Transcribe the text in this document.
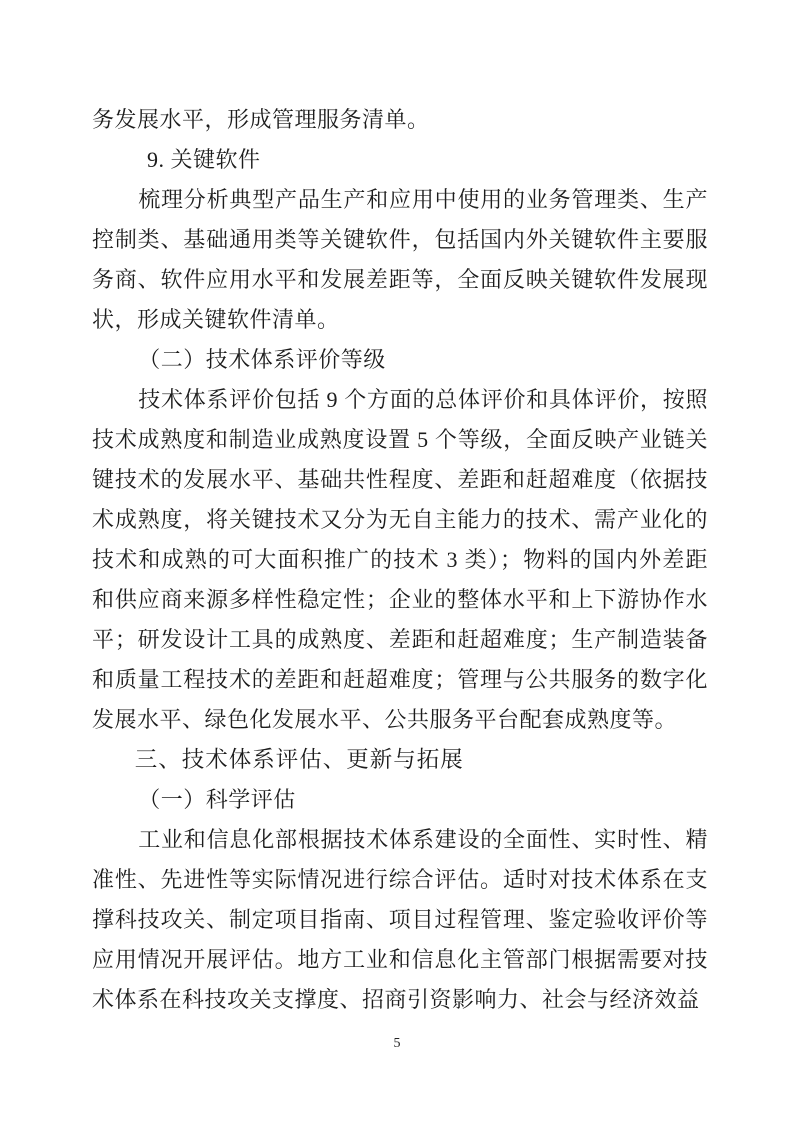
务发展水平，形成管理服务清单。

9. 关键软件

梳理分析典型产品生产和应用中使用的业务管理类、生产控制类、基础通用类等关键软件，包括国内外关键软件主要服务商、软件应用水平和发展差距等，全面反映关键软件发展现状，形成关键软件清单。

（二）技术体系评价等级

技术体系评价包括 9 个方面的总体评价和具体评价，按照技术成熟度和制造业成熟度设置 5 个等级，全面反映产业链关键技术的发展水平、基础共性程度、差距和赶超难度（依据技术成熟度，将关键技术又分为无自主能力的技术、需产业化的技术和成熟的可大面积推广的技术 3 类）；物料的国内外差距和供应商来源多样性稳定性；企业的整体水平和上下游协作水平；研发设计工具的成熟度、差距和赶超难度；生产制造装备和质量工程技术的差距和赶超难度；管理与公共服务的数字化发展水平、绿色化发展水平、公共服务平台配套成熟度等。

三、技术体系评估、更新与拓展
（一）科学评估

工业和信息化部根据技术体系建设的全面性、实时性、精准性、先进性等实际情况进行综合评估。适时对技术体系在支撑科技攻关、制定项目指南、项目过程管理、鉴定验收评价等应用情况开展评估。地方工业和信息化主管部门根据需要对技术体系在科技攻关支撑度、招商引资影响力、社会与经济效益

5
